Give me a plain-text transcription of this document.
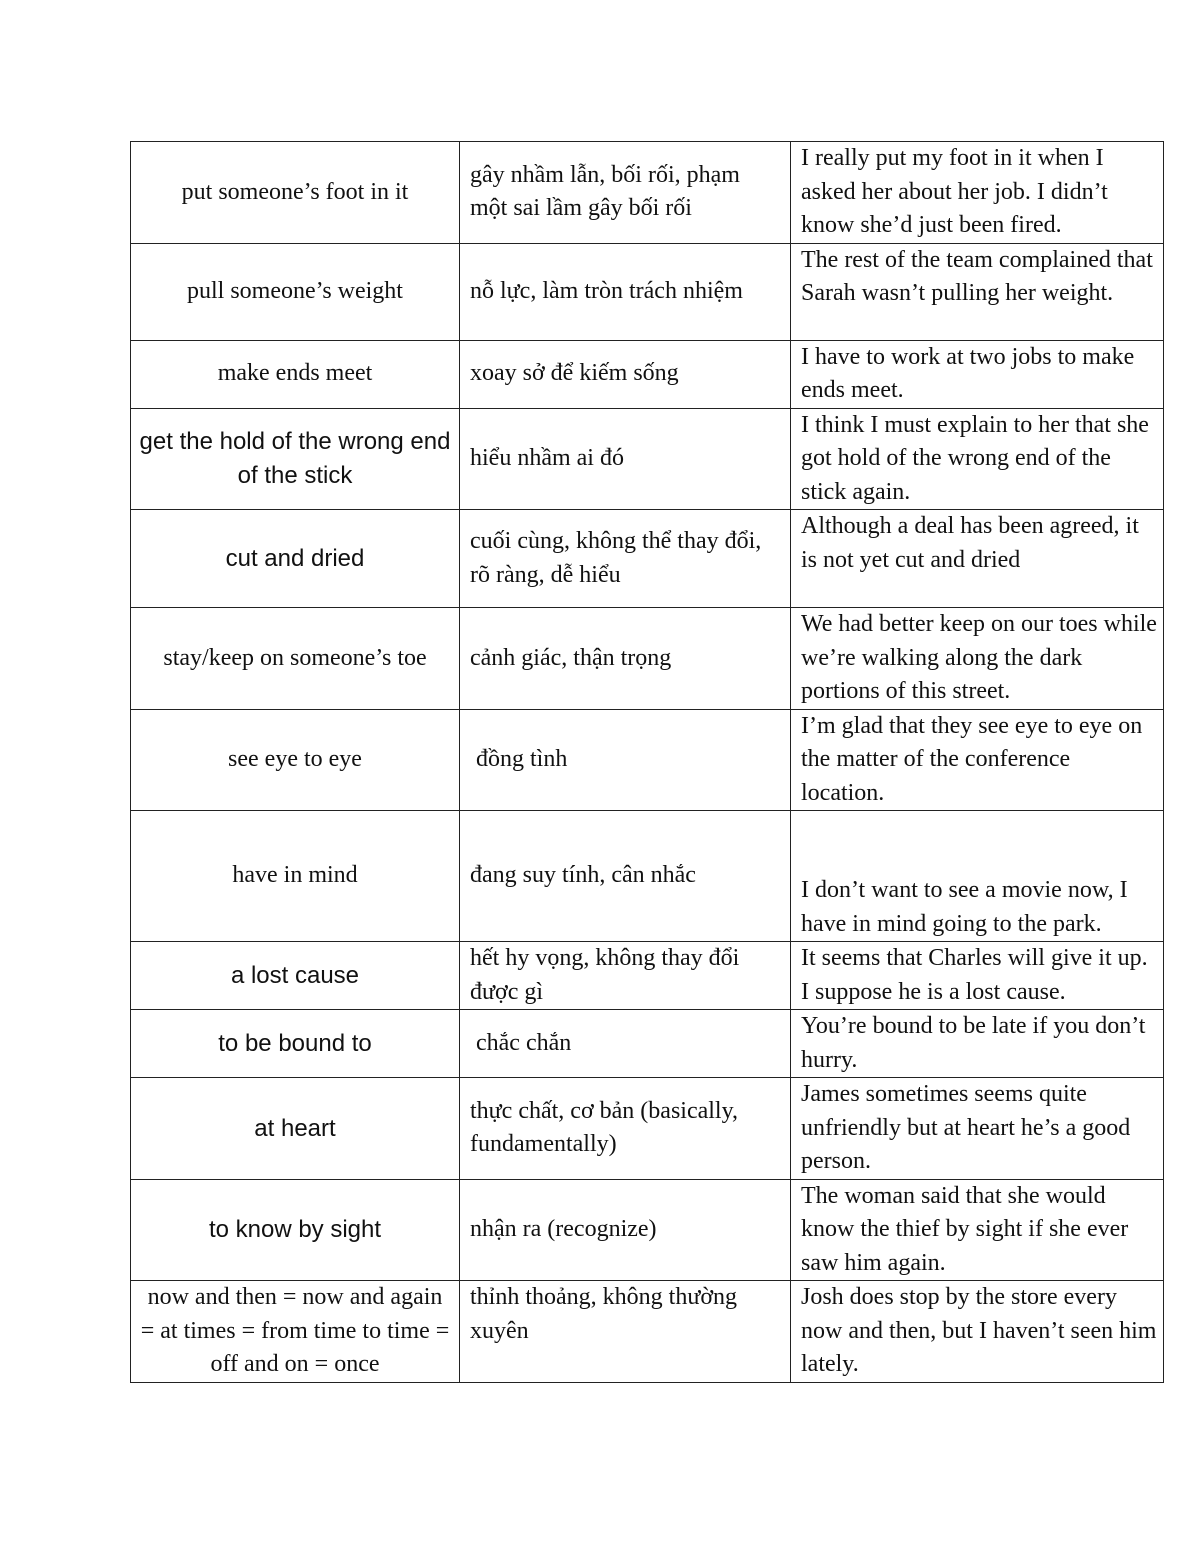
put someone’s foot in it	gây nhầm lẫn, bối rối, phạm một sai lầm gây bối rối	I really put my foot in it when I asked her about her job. I didn’t know she’d just been fired.
pull someone’s weight	nỗ lực, làm tròn trách nhiệm	The rest of the team complained that Sarah wasn’t pulling her weight.
make ends meet	xoay sở để kiếm sống	I have to work at two jobs to make ends meet.
get the hold of the wrong end of the stick	hiểu nhầm ai đó	I think I must explain to her that she got hold of the wrong end of the stick again.
cut and dried	cuối cùng, không thể thay đổi, rõ ràng, dễ hiểu	Although a deal has been agreed, it is not yet cut and dried
stay/keep on someone’s toe	cảnh giác, thận trọng	We had better keep on our toes while we’re walking along the dark portions of this street.
see eye to eye	đồng tình	I’m glad that they see eye to eye on the matter of the conference location.
have in mind	đang suy tính, cân nhắc	I don’t want to see a movie now, I have in mind going to the park.
a lost cause	hết hy vọng, không thay đổi được gì	It seems that Charles will give it up. I suppose he is a lost cause.
to be bound to	chắc chắn	You’re bound to be late if you don’t hurry.
at heart	thực chất, cơ bản (basically, fundamentally)	James sometimes seems quite unfriendly but at heart he’s a good person.
to know by sight	nhận ra (recognize)	The woman said that she would know the thief by sight if she ever saw him again.
now and then = now and again = at times = from time to time = off and on = once	thỉnh thoảng, không thường xuyên	Josh does stop by the store every now and then, but I haven’t seen him lately.
